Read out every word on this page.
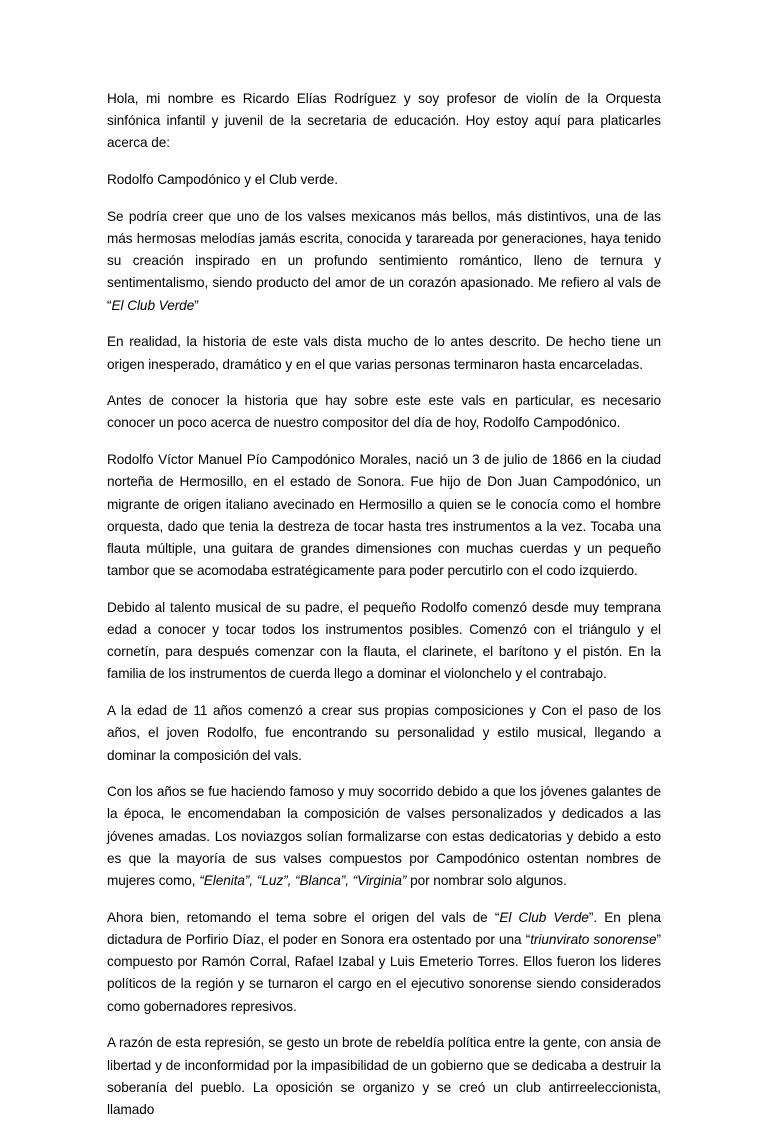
Hola, mi nombre es Ricardo Elías Rodríguez y soy profesor de violín de la Orquesta sinfónica infantil y juvenil de la secretaria de educación. Hoy estoy aquí para platicarles acerca de:

Rodolfo Campodónico y el Club verde.

Se podría creer que uno de los valses mexicanos más bellos, más distintivos, una de las más hermosas melodías jamás escrita, conocida y tarareada por generaciones, haya tenido su creación inspirado en un profundo sentimiento romántico, lleno de ternura y sentimentalismo, siendo producto del amor de un corazón apasionado. Me refiero al vals de “El Club Verde”

En realidad, la historia de este vals dista mucho de lo antes descrito. De hecho tiene un origen inesperado, dramático y en el que varias personas terminaron hasta encarceladas.

Antes de conocer la historia que hay sobre este este vals en particular, es necesario conocer un poco acerca de nuestro compositor del día de hoy, Rodolfo Campodónico.

Rodolfo Víctor Manuel Pío Campodónico Morales, nació un 3 de julio de 1866 en la ciudad norteña de Hermosillo, en el estado de Sonora. Fue hijo de Don Juan Campodónico, un migrante de origen italiano avecinado en Hermosillo a quien se le conocía como el hombre orquesta, dado que tenia la destreza de tocar hasta tres instrumentos a la vez. Tocaba una flauta múltiple, una guitara de grandes dimensiones con muchas cuerdas y un pequeño tambor que se acomodaba estratégicamente para poder percutirlo con el codo izquierdo.

Debido al talento musical de su padre, el pequeño Rodolfo comenzó desde muy temprana edad a conocer y tocar todos los instrumentos posibles. Comenzó con el triángulo y el cornetín, para después comenzar con la flauta, el clarinete, el barítono y el pistón. En la familia de los instrumentos de cuerda llego a dominar el violonchelo y el contrabajo.

A la edad de 11 años comenzó a crear sus propias composiciones y Con el paso de los años, el joven Rodolfo, fue encontrando su personalidad y estilo musical, llegando a dominar la composición del vals.

Con los años se fue haciendo famoso y muy socorrido debido a que los jóvenes galantes de la época, le encomendaban la composición de valses personalizados y dedicados a las jóvenes amadas. Los noviazgos solían formalizarse con estas dedicatorias y debido a esto es que la mayoría de sus valses compuestos por Campodónico ostentan nombres de mujeres como, “Elenita”, “Luz”, “Blanca”, “Virginia” por nombrar solo algunos.

Ahora bien, retomando el tema sobre el origen del vals de “El Club Verde”. En plena dictadura de Porfirio Díaz, el poder en Sonora era ostentado por una “triunvirato sonorense” compuesto por Ramón Corral, Rafael Izabal y Luis Emeterio Torres. Ellos fueron los lideres políticos de la región y se turnaron el cargo en el ejecutivo sonorense siendo considerados como gobernadores represivos.

A razón de esta represión, se gesto un brote de rebeldía política entre la gente, con ansia de libertad y de inconformidad por la impasibilidad de un gobierno que se dedicaba a destruir la soberanía del pueblo. La oposición se organizo y se creó un club antirreeleccionista, llamado
